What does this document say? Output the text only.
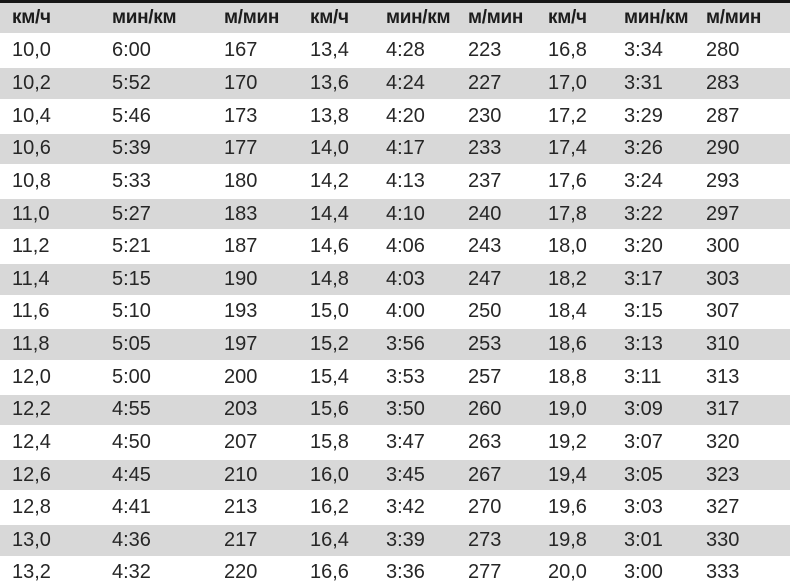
км/ч	мин/км	м/мин	км/ч	мин/км	м/мин	км/ч	мин/км	м/мин
10,0	6:00	167	13,4	4:28	223	16,8	3:34	280
10,2	5:52	170	13,6	4:24	227	17,0	3:31	283
10,4	5:46	173	13,8	4:20	230	17,2	3:29	287
10,6	5:39	177	14,0	4:17	233	17,4	3:26	290
10,8	5:33	180	14,2	4:13	237	17,6	3:24	293
11,0	5:27	183	14,4	4:10	240	17,8	3:22	297
11,2	5:21	187	14,6	4:06	243	18,0	3:20	300
11,4	5:15	190	14,8	4:03	247	18,2	3:17	303
11,6	5:10	193	15,0	4:00	250	18,4	3:15	307
11,8	5:05	197	15,2	3:56	253	18,6	3:13	310
12,0	5:00	200	15,4	3:53	257	18,8	3:11	313
12,2	4:55	203	15,6	3:50	260	19,0	3:09	317
12,4	4:50	207	15,8	3:47	263	19,2	3:07	320
12,6	4:45	210	16,0	3:45	267	19,4	3:05	323
12,8	4:41	213	16,2	3:42	270	19,6	3:03	327
13,0	4:36	217	16,4	3:39	273	19,8	3:01	330
13,2	4:32	220	16,6	3:36	277	20,0	3:00	333
